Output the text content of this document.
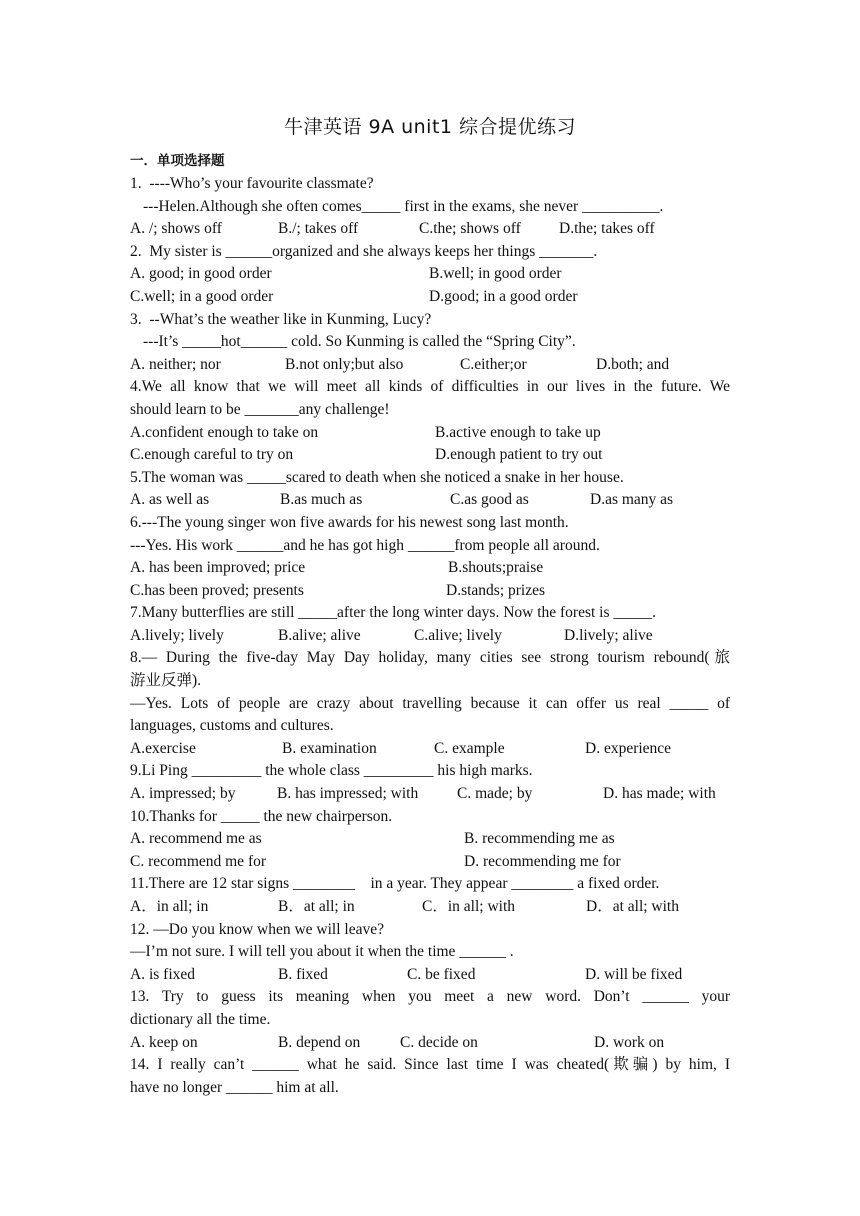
牛津英语 9A unit1 综合提优练习
一．单项选择题
1.  ----Who’s your favourite classmate?
---Helen.Although she often comes_____ first in the exams, she never __________.
A. /; shows off	B./; takes off	C.the; shows off	D.the; takes off
2.  My sister is ______organized and she always keeps her things _______.
A. good; in good order	B.well; in good order
C.well; in a good order	D.good; in a good order
3.  --What’s the weather like in Kunming, Lucy?
---It’s _____hot______ cold. So Kunming is called the “Spring City”.
A. neither; nor	B.not only;but also	C.either;or	D.both; and
4.We all know that we will meet all kinds of difficulties in our lives in the future. We
should learn to be _______any challenge!
A.confident enough to take on	B.active enough to take up
C.enough careful to try on	D.enough patient to try out
5.The woman was _____scared to death when she noticed a snake in her house.
A. as well as	B.as much as	C.as good as	D.as many as
6.---The young singer won five awards for his newest song last month.
---Yes. His work ______and he has got high ______from people all around.
A. has been improved; price	B.shouts;praise
C.has been proved; presents	D.stands; prizes
7.Many butterflies are still _____after the long winter days. Now the forest is _____.
A.lively; lively	B.alive; alive	C.alive; lively	D.lively; alive
8.— During the five-day May Day holiday, many cities see strong tourism rebound(旅
游业反弹).
—Yes. Lots of people are crazy about travelling because it can offer us real _____ of
languages, customs and cultures.
A.exercise	B. examination	C. example	D. experience
9.Li Ping _________ the whole class _________ his high marks.
A. impressed; by	B. has impressed; with	C. made; by	D. has made; with
10.Thanks for _____ the new chairperson.
A. recommend me as	B. recommending me as
C. recommend me for	D. recommending me for
11.There are 12 star signs ________    in a year. They appear ________ a fixed order.
A．in all; in	B．at all; in	C．in all; with	D．at all; with
12. —Do you know when we will leave?
—I’m not sure. I will tell you about it when the time ______ .
A. is fixed	B. fixed	C. be fixed	D. will be fixed
13. Try to guess its meaning when you meet a new word. Don’t ______ your
dictionary all the time.
A. keep on	B. depend on	C. decide on	D. work on
14. I really can’t ______ what he said. Since last time I was cheated(欺骗) by him, I
have no longer ______ him at all.
